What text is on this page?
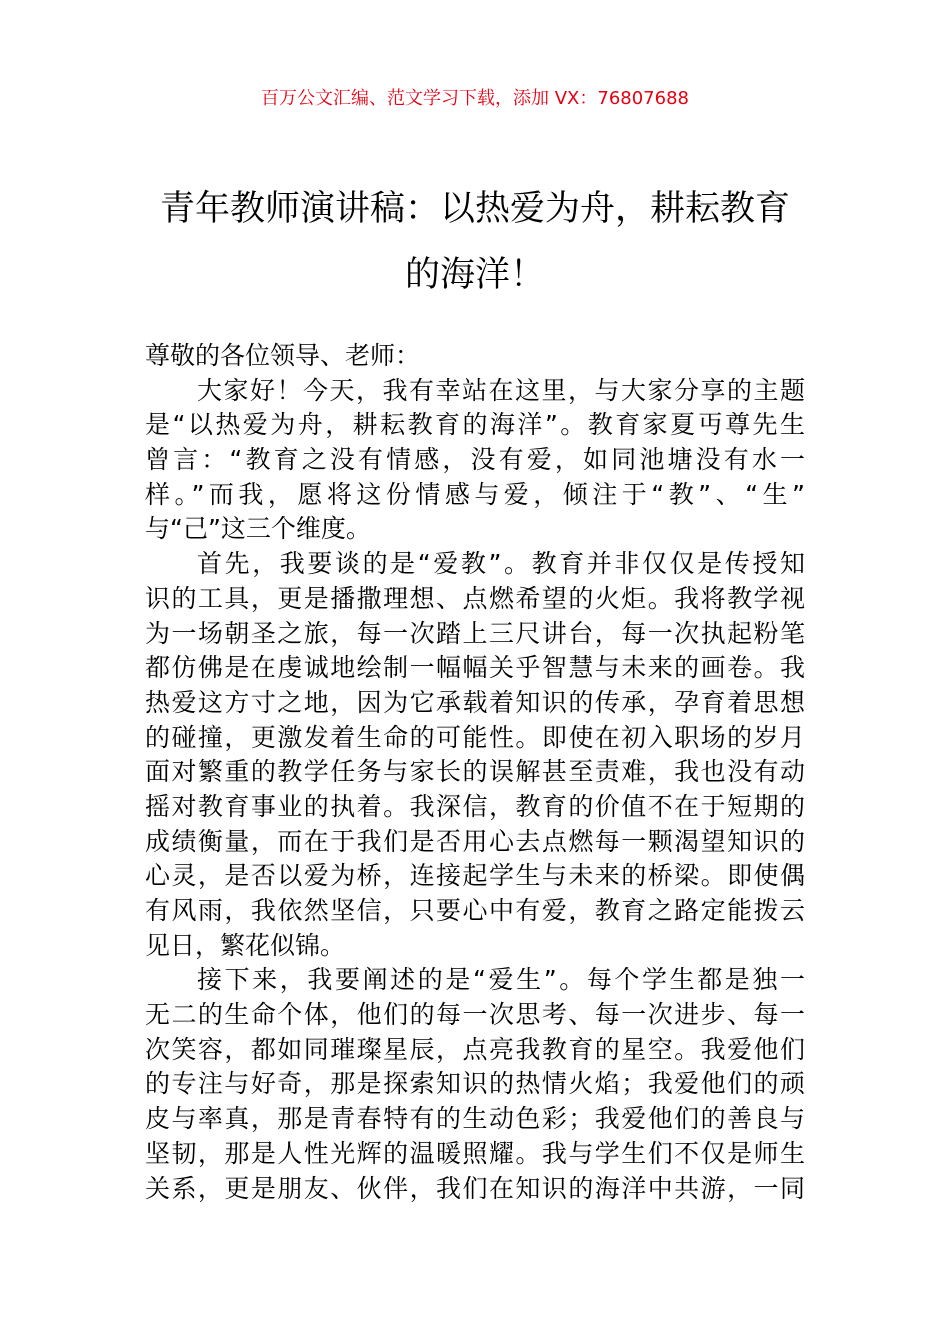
百万公文汇编、范文学习下载，添加 VX：76807688
青年教师演讲稿：以热爱为舟，耕耘教育
的海洋！
尊敬的各位领导、老师：
大家好！今天，我有幸站在这里，与大家分享的主题
是“以热爱为舟，耕耘教育的海洋”。教育家夏丏尊先生
曾言：“教育之没有情感，没有爱，如同池塘没有水一
样。”而我，愿将这份情感与爱，倾注于“教”、“生”
与“己”这三个维度。
首先，我要谈的是“爱教”。教育并非仅仅是传授知
识的工具，更是播撒理想、点燃希望的火炬。我将教学视
为一场朝圣之旅，每一次踏上三尺讲台，每一次执起粉笔
都仿佛是在虔诚地绘制一幅幅关乎智慧与未来的画卷。我
热爱这方寸之地，因为它承载着知识的传承，孕育着思想
的碰撞，更激发着生命的可能性。即使在初入职场的岁月
面对繁重的教学任务与家长的误解甚至责难，我也没有动
摇对教育事业的执着。我深信，教育的价值不在于短期的
成绩衡量，而在于我们是否用心去点燃每一颗渴望知识的
心灵，是否以爱为桥，连接起学生与未来的桥梁。即使偶
有风雨，我依然坚信，只要心中有爱，教育之路定能拨云
见日，繁花似锦。
接下来，我要阐述的是“爱生”。每个学生都是独一
无二的生命个体，他们的每一次思考、每一次进步、每一
次笑容，都如同璀璨星辰，点亮我教育的星空。我爱他们
的专注与好奇，那是探索知识的热情火焰；我爱他们的顽
皮与率真，那是青春特有的生动色彩；我爱他们的善良与
坚韧，那是人性光辉的温暖照耀。我与学生们不仅是师生
关系，更是朋友、伙伴，我们在知识的海洋中共游，一同
